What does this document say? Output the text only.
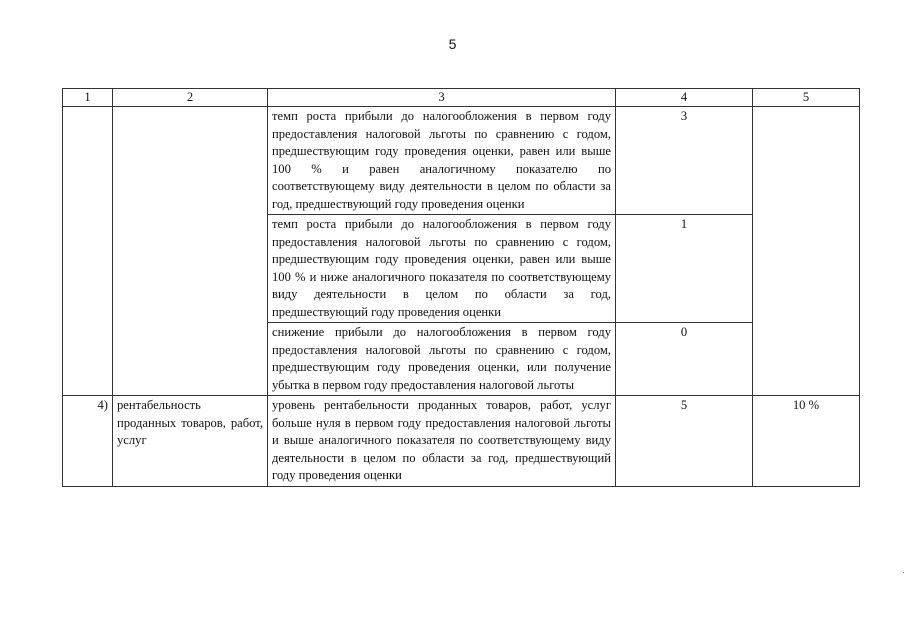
5
1	2	3	4	5
		темп роста прибыли до налогообложения в первом году предоставления налоговой льготы по сравнению с годом, предшествующим году проведения оценки, равен или выше 100 % и равен аналогичному показателю по соответствующему виду деятельности в целом по области за год, предшествующий году проведения оценки	3	
		темп роста прибыли до налогообложения в первом году предоставления налоговой льготы по сравнению с годом, предшествующим году проведения оценки, равен или выше 100 % и ниже аналогичного показателя по соответствующему виду деятельности в целом по области за год, предшествующий году проведения оценки	1	
		снижение прибыли до налогообложения в первом году предоставления налоговой льготы по сравнению с годом, предшествующим году проведения оценки, или получение убытка в первом году предоставления налоговой льготы	0	
4)	рентабельность проданных товаров, работ, услуг	уровень рентабельности проданных товаров, работ, услуг больше нуля в первом году предоставления налоговой льготы и выше аналогичного показателя по соответствующему виду деятельности в целом по области за год, предшествующий году проведения оценки	5	10 %
